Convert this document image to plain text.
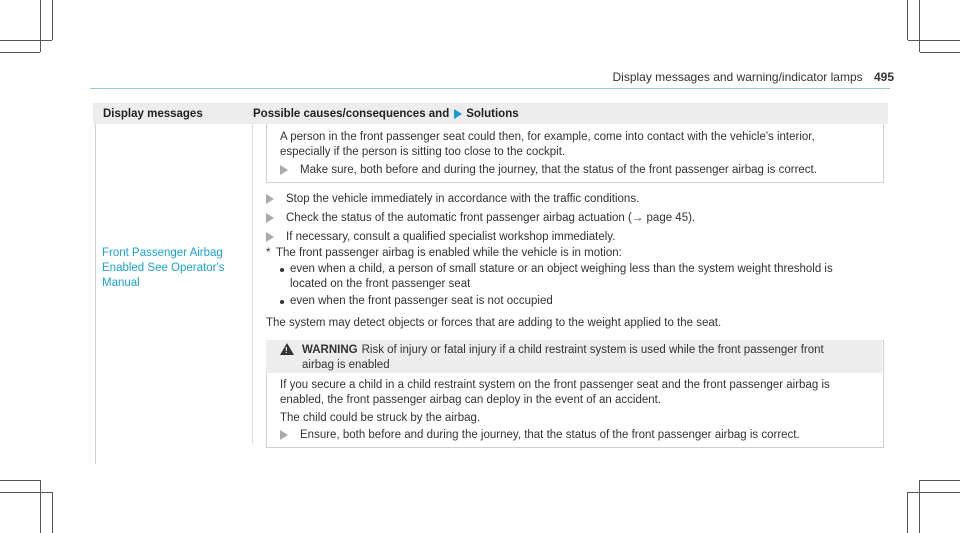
Display messages and warning/indicator lamps 495
Display messages	Possible causes/consequences and Solutions
A person in the front passenger seat could then, for example, come into contact with the vehicle's interior,
especially if the person is sitting too close to the cockpit.
Make sure, both before and during the journey, that the status of the front passenger airbag is correct.
Stop the vehicle immediately in accordance with the traffic conditions.
Check the status of the automatic front passenger airbag actuation (→ page 45).
If necessary, consult a qualified specialist workshop immediately.
Front Passenger Airbag
Enabled See Operator's
Manual
* The front passenger airbag is enabled while the vehicle is in motion:
even when a child, a person of small stature or an object weighing less than the system weight threshold is
located on the front passenger seat
even when the front passenger seat is not occupied
The system may detect objects or forces that are adding to the weight applied to the seat.
! WARNING Risk of injury or fatal injury if a child restraint system is used while the front passenger front
airbag is enabled
If you secure a child in a child restraint system on the front passenger seat and the front passenger airbag is
enabled, the front passenger airbag can deploy in the event of an accident.
The child could be struck by the airbag.
Ensure, both before and during the journey, that the status of the front passenger airbag is correct.
